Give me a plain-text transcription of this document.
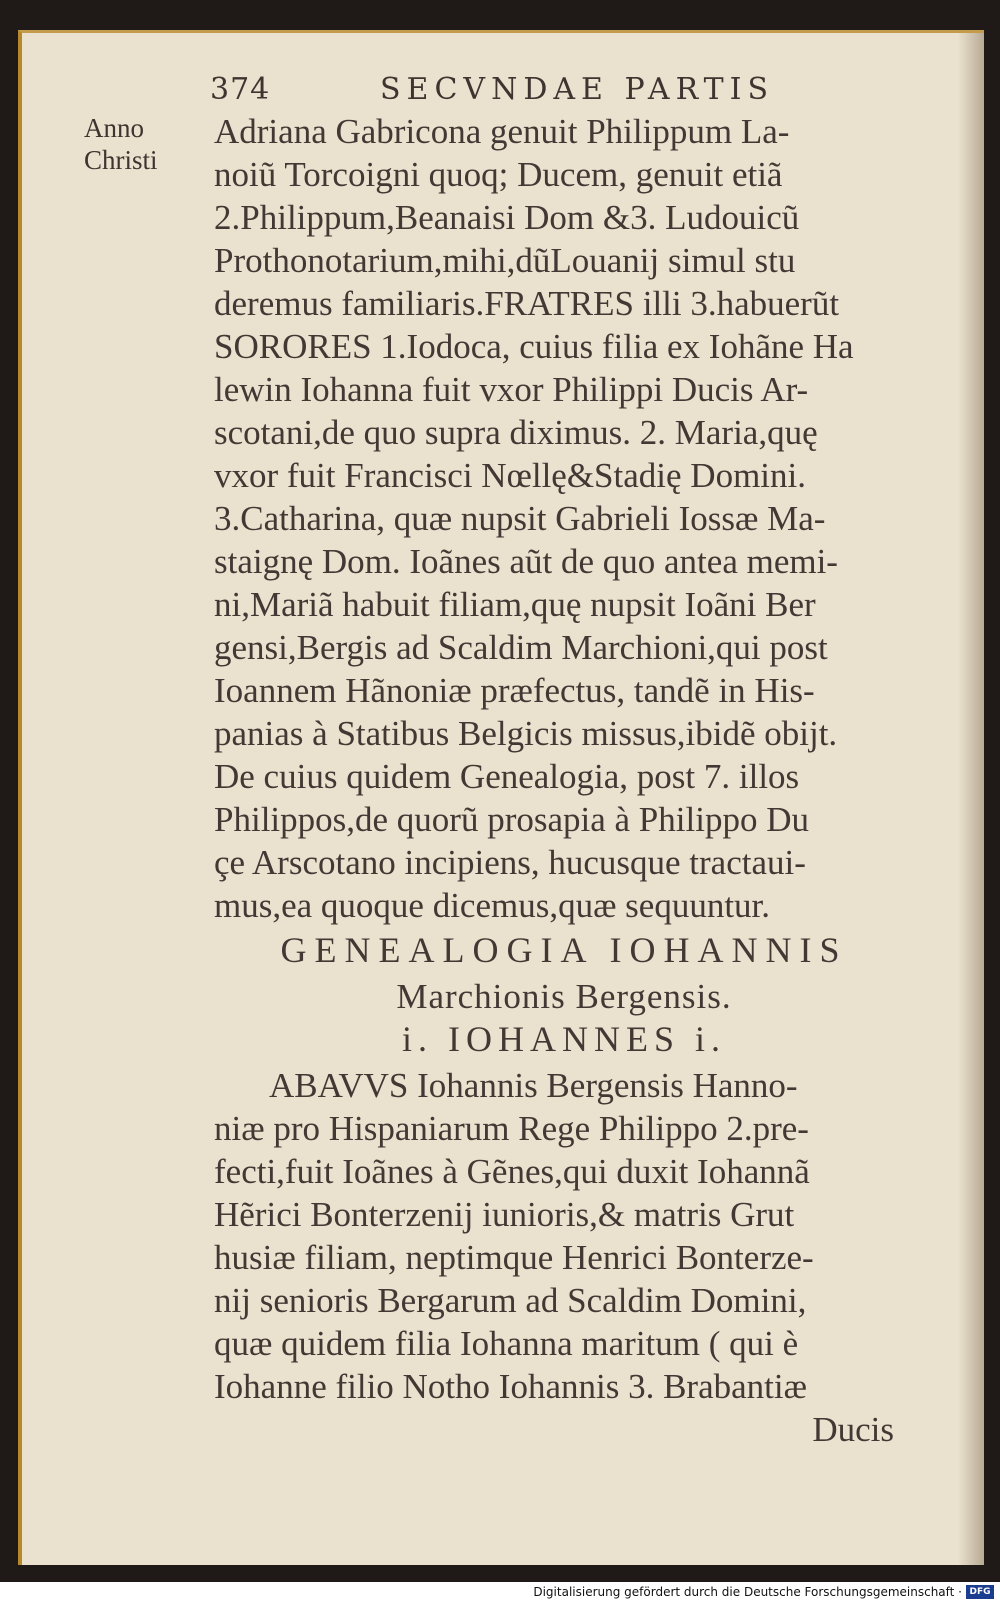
374	SECVNDAE PARTIS
Anno
Christi
Adriana Gabricona genuit Philippum La-
noiũ Torcoigni quoq; Ducem, genuit etiã
2.Philippum,Beanaisi Dom &3. Ludouicũ
Prothonotarium,mihi,dũLouanij simul stu
deremus familiaris.FRATRES illi 3.habuerũt
SORORES 1.Iodoca, cuius filia ex Iohãne Ha
lewin Iohanna fuit vxor Philippi Ducis Ar-
scotani,de quo supra diximus. 2. Maria,quę
vxor fuit Francisci Nœllę&Stadię Domini.
3.Catharina, quæ nupsit Gabrieli Iossæ Ma-
staignę Dom. Ioãnes aũt de quo antea memi-
ni,Mariã habuit filiam,quę nupsit Ioãni Ber
gensi,Bergis ad Scaldim Marchioni,qui post
Ioannem Hãnoniæ præfectus, tandẽ in His-
panias à Statibus Belgicis missus,ibidẽ obijt.
De cuius quidem Genealogia, post 7. illos
Philippos,de quorũ prosapia à Philippo Du
çe Arscotano incipiens, hucusque tractaui-
mus,ea quoque dicemus,quæ sequuntur.
GENEALOGIA IOHANNIS
Marchionis Bergensis.
i. IOHANNES i.
ABAVVS Iohannis Bergensis Hanno-
niæ pro Hispaniarum Rege Philippo 2.pre-
fecti,fuit Ioãnes à Gẽnes,qui duxit Iohannã
Hẽrici Bonterzenij iunioris,& matris Grut
husiæ filiam, neptimque Henrici Bonterze-
nij senioris Bergarum ad Scaldim Domini,
quæ quidem filia Iohanna maritum ( qui è
Iohanne filio Notho Iohannis 3. Brabantiæ
Ducis
Digitalisierung gefördert durch die Deutsche Forschungsgemeinschaft · DFG
